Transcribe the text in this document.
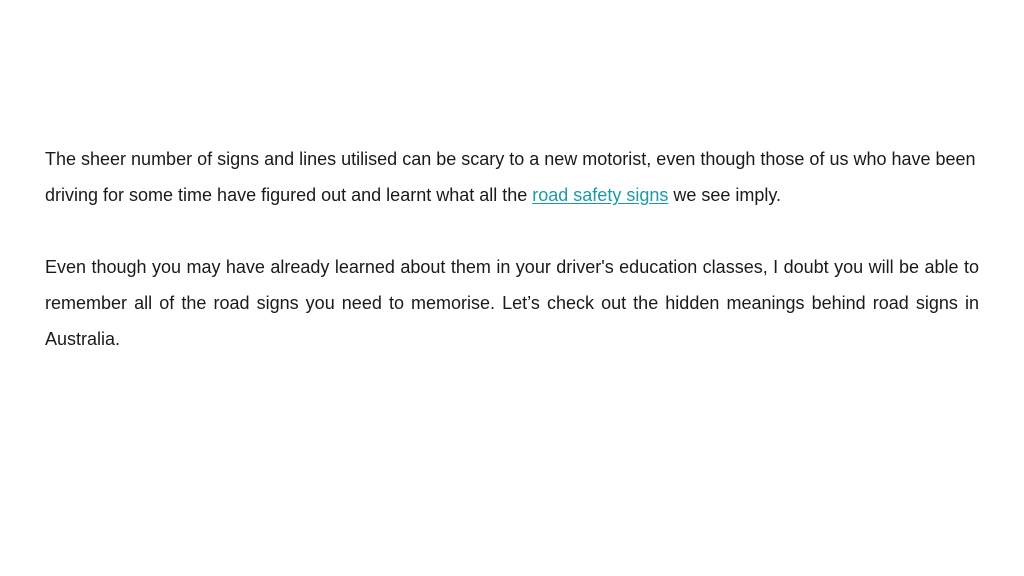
The sheer number of signs and lines utilised can be scary to a new motorist, even though those of us who have been driving for some time have figured out and learnt what all the road safety signs we see imply.

Even though you may have already learned about them in your driver's education classes, I doubt you will be able to remember all of the road signs you need to memorise. Let’s check out the hidden meanings behind road signs in Australia.
